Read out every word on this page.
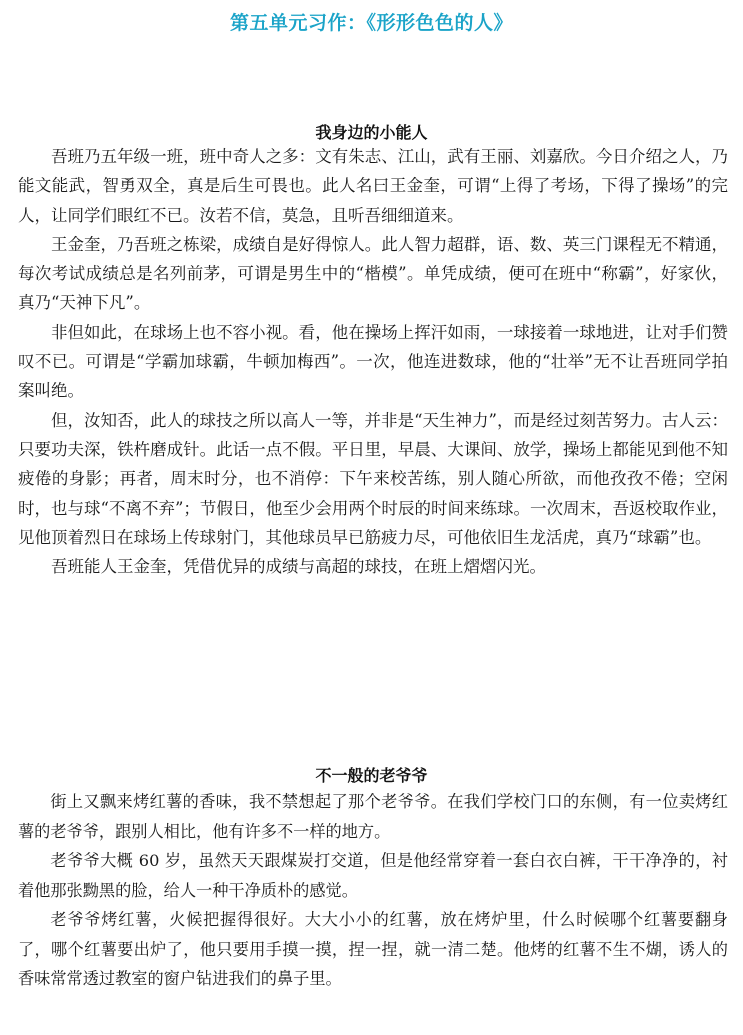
第五单元习作：《形形色色的人》
我身边的小能人

吾班乃五年级一班，班中奇人之多：文有朱志、江山，武有王丽、刘嘉欣。今日介绍之人，乃能文能武，智勇双全，真是后生可畏也。此人名曰王金奎，可谓“上得了考场，下得了操场”的完人，让同学们眼红不已。汝若不信，莫急，且听吾细细道来。

王金奎，乃吾班之栋梁，成绩自是好得惊人。此人智力超群，语、数、英三门课程无不精通，每次考试成绩总是名列前茅，可谓是男生中的“楷模”。单凭成绩，便可在班中“称霸”，好家伙，真乃“天神下凡”。

非但如此，在球场上也不容小视。看，他在操场上挥汗如雨，一球接着一球地进，让对手们赞叹不已。可谓是“学霸加球霸，牛顿加梅西”。一次，他连进数球，他的“壮举”无不让吾班同学拍案叫绝。

但，汝知否，此人的球技之所以高人一等，并非是“天生神力”，而是经过刻苦努力。古人云：只要功夫深，铁杵磨成针。此话一点不假。平日里，早晨、大课间、放学，操场上都能见到他不知疲倦的身影；再者，周末时分，也不消停：下午来校苦练，别人随心所欲，而他孜孜不倦；空闲时，也与球“不离不弃”；节假日，他至少会用两个时辰的时间来练球。一次周末，吾返校取作业，见他顶着烈日在球场上传球射门，其他球员早已筋疲力尽，可他依旧生龙活虎，真乃“球霸”也。

吾班能人王金奎，凭借优异的成绩与高超的球技，在班上熠熠闪光。

不一般的老爷爷

街上又飘来烤红薯的香味，我不禁想起了那个老爷爷。在我们学校门口的东侧，有一位卖烤红薯的老爷爷，跟别人相比，他有许多不一样的地方。

老爷爷大概 60 岁，虽然天天跟煤炭打交道，但是他经常穿着一套白衣白裤，干干净净的，衬着他那张黝黑的脸，给人一种干净质朴的感觉。

老爷爷烤红薯，火候把握得很好。大大小小的红薯，放在烤炉里，什么时候哪个红薯要翻身了，哪个红薯要出炉了，他只要用手摸一摸，捏一捏，就一清二楚。他烤的红薯不生不煳，诱人的香味常常透过教室的窗户钻进我们的鼻子里。
